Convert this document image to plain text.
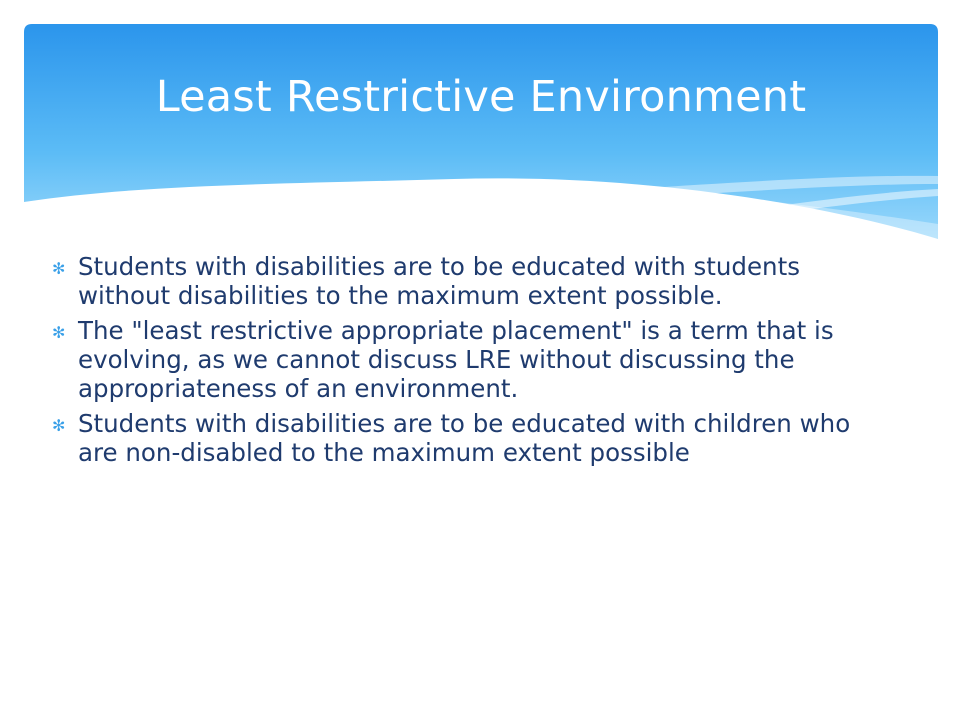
Least Restrictive Environment
✻ Students with disabilities are to be educated with students without disabilities to the maximum extent possible.
✻ The "least restrictive appropriate placement" is a term that is evolving, as we cannot discuss LRE without discussing the appropriateness of an environment.
✻ Students with disabilities are to be educated with children who are non-disabled to the maximum extent possible
